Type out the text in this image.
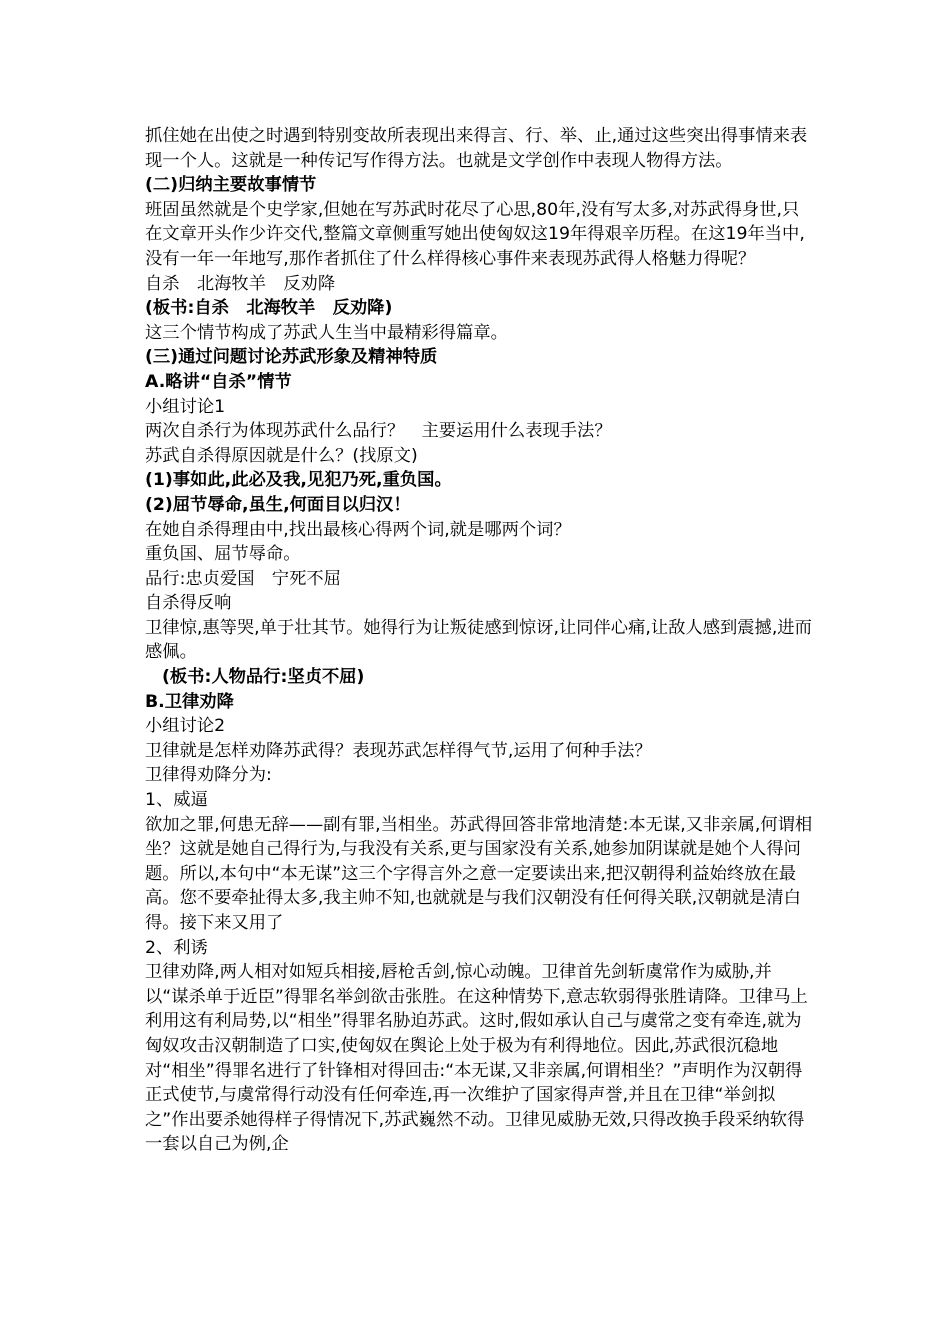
抓住她在出使之时遇到特别变故所表现出来得言、行、举、止,通过这些突出得事情来表现一个人。这就是一种传记写作得方法。也就是文学创作中表现人物得方法。

(二)归纳主要故事情节

班固虽然就是个史学家,但她在写苏武时花尽了心思,80年,没有写太多,对苏武得身世,只在文章开头作少许交代,整篇文章侧重写她出使匈奴这19年得艰辛历程。在这19年当中,没有一年一年地写,那作者抓住了什么样得核心事件来表现苏武得人格魅力得呢？

自杀　北海牧羊　反劝降

(板书:自杀　北海牧羊　反劝降)

这三个情节构成了苏武人生当中最精彩得篇章。

(三)通过问题讨论苏武形象及精神特质

A.略讲“自杀”情节

小组讨论1

两次自杀行为体现苏武什么品行？　主要运用什么表现手法？

苏武自杀得原因就是什么？(找原文)

(1)事如此,此必及我,见犯乃死,重负国。

(2)屈节辱命,虽生,何面目以归汉！

在她自杀得理由中,找出最核心得两个词,就是哪两个词？

重负国、屈节辱命。

品行:忠贞爱国　宁死不屈

自杀得反响

卫律惊,惠等哭,单于壮其节。她得行为让叛徒感到惊讶,让同伴心痛,让敌人感到震撼,进而感佩。

(板书:人物品行:坚贞不屈)

B.卫律劝降

小组讨论2

卫律就是怎样劝降苏武得？表现苏武怎样得气节,运用了何种手法？

卫律得劝降分为:

1、威逼

欲加之罪,何患无辞——副有罪,当相坐。苏武得回答非常地清楚:本无谋,又非亲属,何谓相坐？这就是她自己得行为,与我没有关系,更与国家没有关系,她参加阴谋就是她个人得问题。所以,本句中“本无谋”这三个字得言外之意一定要读出来,把汉朝得利益始终放在最高。您不要牵扯得太多,我主帅不知,也就就是与我们汉朝没有任何得关联,汉朝就是清白得。接下来又用了

2、利诱

卫律劝降,两人相对如短兵相接,唇枪舌剑,惊心动魄。卫律首先剑斩虞常作为威胁,并以“谋杀单于近臣”得罪名举剑欲击张胜。在这种情势下,意志软弱得张胜请降。卫律马上利用这有利局势,以“相坐”得罪名胁迫苏武。这时,假如承认自己与虞常之变有牵连,就为匈奴攻击汉朝制造了口实,使匈奴在舆论上处于极为有利得地位。因此,苏武很沉稳地对“相坐”得罪名进行了针锋相对得回击:“本无谋,又非亲属,何谓相坐？”声明作为汉朝得正式使节,与虞常得行动没有任何牵连,再一次维护了国家得声誉,并且在卫律“举剑拟之”作出要杀她得样子得情况下,苏武巍然不动。卫律见威胁无效,只得改换手段采纳软得一套以自己为例,企
